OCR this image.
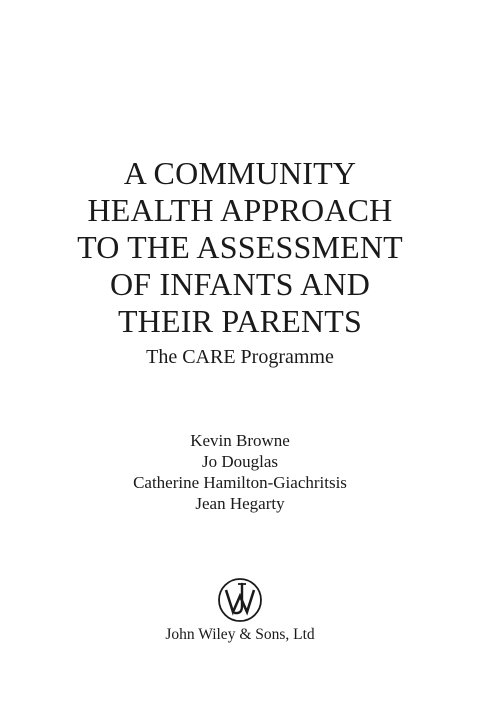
A COMMUNITY
HEALTH APPROACH
TO THE ASSESSMENT
OF INFANTS AND
THEIR PARENTS
The CARE Programme
Kevin Browne
Jo Douglas
Catherine Hamilton-Giachritsis
Jean Hegarty
John Wiley & Sons, Ltd
